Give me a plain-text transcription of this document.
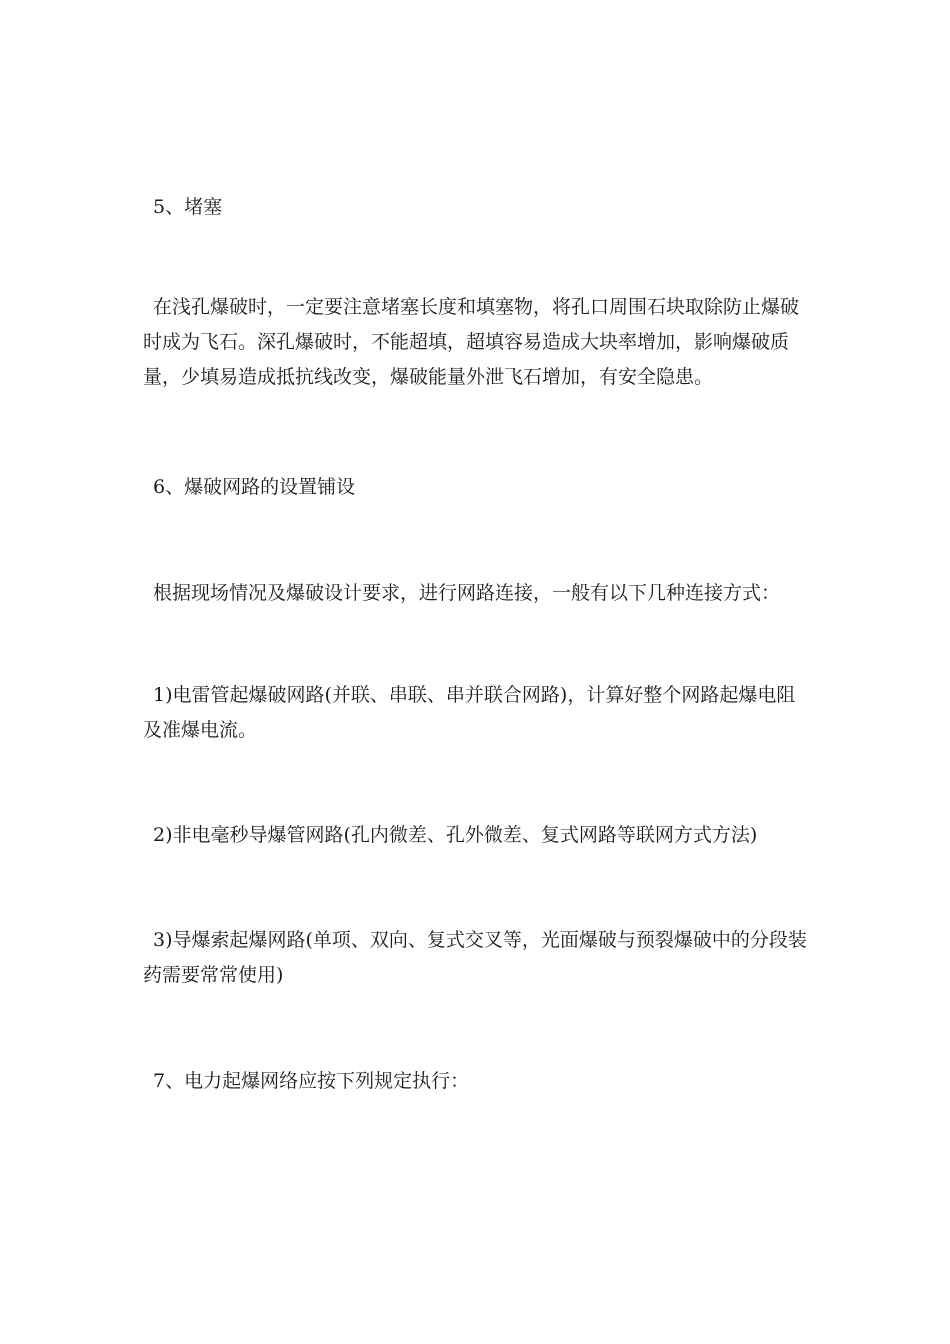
5、堵塞

在浅孔爆破时，一定要注意堵塞长度和填塞物，将孔口周围石块取除防止爆破时成为飞石。深孔爆破时，不能超填，超填容易造成大块率增加，影响爆破质量，少填易造成抵抗线改变，爆破能量外泄飞石增加，有安全隐患。

6、爆破网路的设置铺设

根据现场情况及爆破设计要求，进行网路连接，一般有以下几种连接方式：

1)电雷管起爆破网路(并联、串联、串并联合网路)，计算好整个网路起爆电阻及准爆电流。

2)非电毫秒导爆管网路(孔内微差、孔外微差、复式网路等联网方式方法)

3)导爆索起爆网路(单项、双向、复式交叉等，光面爆破与预裂爆破中的分段装药需要常常使用)

7、电力起爆网络应按下列规定执行：
